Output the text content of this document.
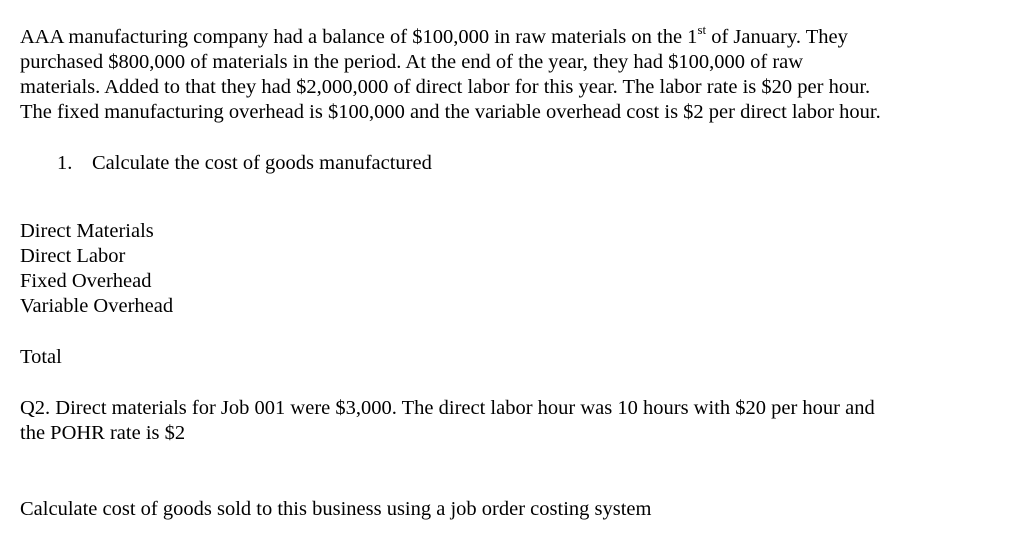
AAA manufacturing company had a balance of $100,000 in raw materials on the 1st of January. They
purchased $800,000 of materials in the period. At the end of the year, they had $100,000 of raw
materials. Added to that they had $2,000,000 of direct labor for this year. The labor rate is $20 per hour.
The fixed manufacturing overhead is $100,000 and the variable overhead cost is $2 per direct labor hour.
1. Calculate the cost of goods manufactured
Direct Materials
Direct Labor
Fixed Overhead
Variable Overhead
Total
Q2. Direct materials for Job 001 were $3,000. The direct labor hour was 10 hours with $20 per hour and
the POHR rate is $2
Calculate cost of goods sold to this business using a job order costing system
